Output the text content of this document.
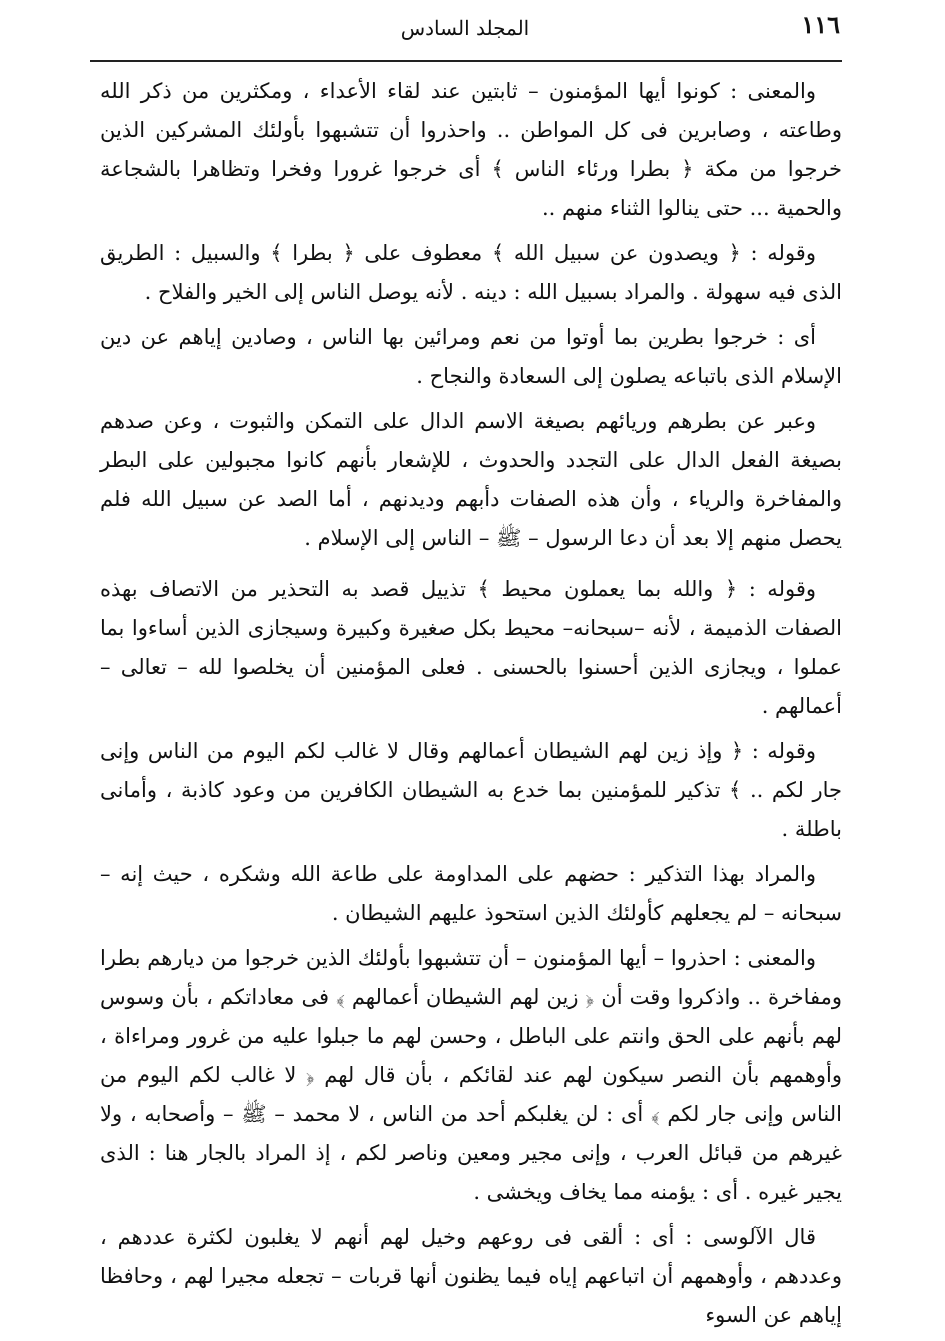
١١٦
المجلد السادس

والمعنى : كونوا أيها المؤمنون – ثابتين عند لقاء الأعداء ، ومكثرين من ذكر الله وطاعته ، وصابرين فى كل المواطن .. واحذروا أن تتشبهوا بأولئك المشركين الذين خرجوا من مكة ﴿ بطرا ورئاء الناس ﴾ أى خرجوا غرورا وفخرا وتظاهرا بالشجاعة والحمية ... حتى ينالوا الثناء منهم ..

وقوله : ﴿ ويصدون عن سبيل الله ﴾ معطوف على ﴿ بطرا ﴾ والسبيل : الطريق الذى فيه سهولة . والمراد بسبيل الله : دينه . لأنه يوصل الناس إلى الخير والفلاح .

أى : خرجوا بطرين بما أوتوا من نعم ومرائين بها الناس ، وصادين إياهم عن دين الإسلام الذى باتباعه يصلون إلى السعادة والنجاح .

وعبر عن بطرهم وريائهم بصيغة الاسم الدال على التمكن والثبوت ، وعن صدهم بصيغة الفعل الدال على التجدد والحدوث ، للإشعار بأنهم كانوا مجبولين على البطر والمفاخرة والرياء ، وأن هذه الصفات دأبهم وديدنهم ، أما الصد عن سبيل الله فلم يحصل منهم إلا بعد أن دعا الرسول – ﷺ – الناس إلى الإسلام .

وقوله : ﴿ والله بما يعملون محيط ﴾ تذييل قصد به التحذير من الاتصاف بهذه الصفات الذميمة ، لأنه –سبحانه– محيط بكل صغيرة وكبيرة وسيجازى الذين أساءوا بما عملوا ، ويجازى الذين أحسنوا بالحسنى . فعلى المؤمنين أن يخلصوا لله – تعالى – أعمالهم .

وقوله : ﴿ وإذ زين لهم الشيطان أعمالهم وقال لا غالب لكم اليوم من الناس وإنى جار لكم .. ﴾ تذكير للمؤمنين بما خدع به الشيطان الكافرين من وعود كاذبة ، وأمانى باطلة .

والمراد بهذا التذكير : حضهم على المداومة على طاعة الله وشكره ، حيث إنه – سبحانه – لم يجعلهم كأولئك الذين استحوذ عليهم الشيطان .

والمعنى : احذروا – أيها المؤمنون – أن تتشبهوا بأولئك الذين خرجوا من ديارهم بطرا ومفاخرة .. واذكروا وقت أن ﴿ زين لهم الشيطان أعمالهم ﴾ فى معاداتكم ، بأن وسوس لهم بأنهم على الحق وانتم على الباطل ، وحسن لهم ما جبلوا عليه من غرور ومراءاة ، وأوهمهم بأن النصر سيكون لهم عند لقائكم ، بأن قال لهم ﴿ لا غالب لكم اليوم من الناس وإنى جار لكم ﴾ أى : لن يغلبكم أحد من الناس ، لا محمد – ﷺ – وأصحابه ، ولا غيرهم من قبائل العرب ، وإنى مجير ومعين وناصر لكم ، إذ المراد بالجار هنا : الذى يجير غيره . أى : يؤمنه مما يخاف ويخشى .

قال الآلوسى : أى : ألقى فى روعهم وخيل لهم أنهم لا يغلبون لكثرة عددهم ، وعددهم ، وأوهمهم أن اتباعهم إياه فيما يظنون أنها قربات – تجعله مجيرا لهم ، وحافظا إياهم عن السوء
